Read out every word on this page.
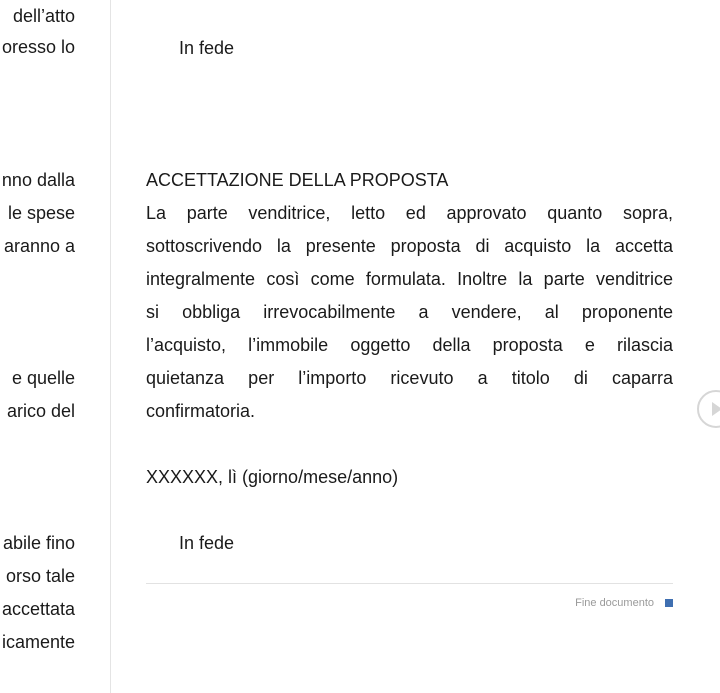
dell’atto
oresso lo
nno dalla
le spese
aranno a
e quelle
arico del
abile fino
orso tale
accettata
icamente
In fede
ACCETTAZIONE DELLA PROPOSTA
La parte venditrice, letto ed approvato quanto sopra,
sottoscrivendo la presente proposta di acquisto la accetta
integralmente così come formulata. Inoltre la parte venditrice
si obbliga irrevocabilmente a vendere, al proponente
l’acquisto, l’immobile oggetto della proposta e rilascia
quietanza per l’importo ricevuto a titolo di caparra
confirmatoria.
XXXXXX, lì (giorno/mese/anno)
In fede
Fine documento
